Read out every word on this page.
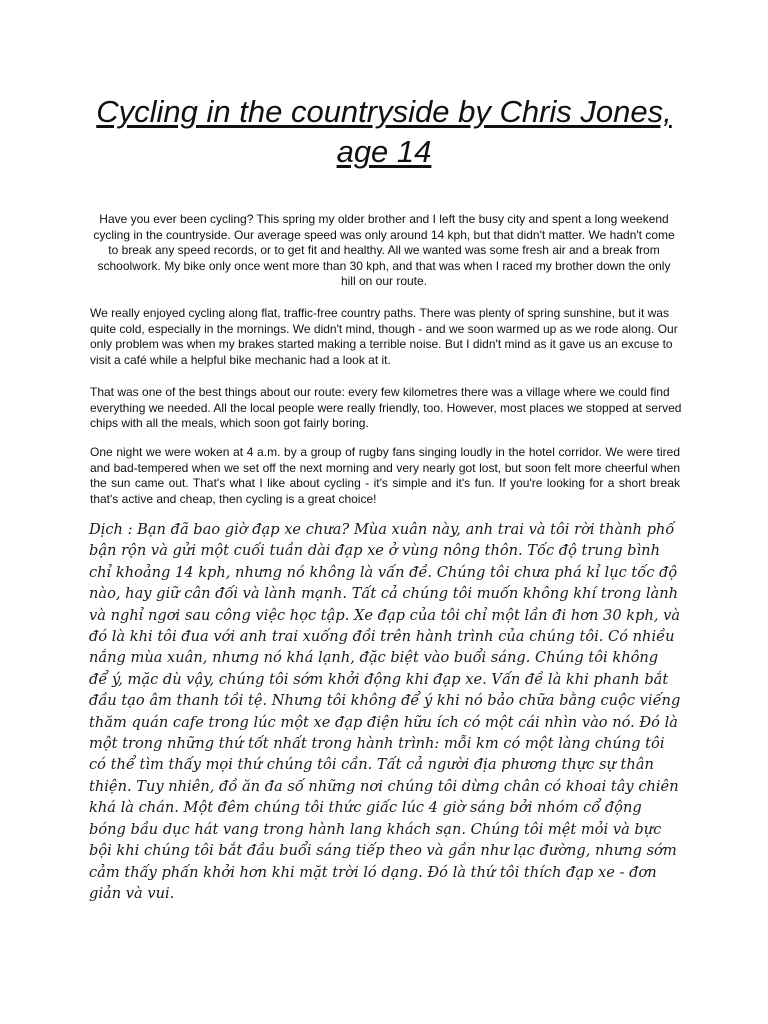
Cycling in the countryside by Chris Jones, age 14

Have you ever been cycling? This spring my older brother and I left the busy city and spent a long weekend cycling in the countryside. Our average speed was only around 14 kph, but that didn't matter. We hadn't come to break any speed records, or to get fit and healthy. All we wanted was some fresh air and a break from schoolwork. My bike only once went more than 30 kph, and that was when I raced my brother down the only hill on our route.

We really enjoyed cycling along flat, traffic-free country paths. There was plenty of spring sunshine, but it was quite cold, especially in the mornings. We didn't mind, though - and we soon warmed up as we rode along. Our only problem was when my brakes started making a terrible noise. But I didn't mind as it gave us an excuse to visit a café while a helpful bike mechanic had a look at it.

That was one of the best things about our route: every few kilometres there was a village where we could find everything we needed. All the local people were really friendly, too. However, most places we stopped at served chips with all the meals, which soon got fairly boring.

One night we were woken at 4 a.m. by a group of rugby fans singing loudly in the hotel corridor. We were tired and bad-tempered when we set off the next morning and very nearly got lost, but soon felt more cheerful when the sun came out. That's what I like about cycling - it's simple and it's fun. If you're looking for a short break that's active and cheap, then cycling is a great choice!

Dịch : Bạn đã bao giờ đạp xe chưa? Mùa xuân này, anh trai và tôi rời thành phố bận rộn và gửi một cuối tuần dài đạp xe ở vùng nông thôn. Tốc độ trung bình chỉ khoảng 14 kph, nhưng nó không là vấn đề. Chúng tôi chưa phá kỉ lục tốc độ nào, hay giữ cân đối và lành mạnh. Tất cả chúng tôi muốn không khí trong lành và nghỉ ngơi sau công việc học tập. Xe đạp của tôi chỉ một lần đi hơn 30 kph, và đó là khi tôi đua với anh trai xuống đồi trên hành trình của chúng tôi. Có nhiều nắng mùa xuân, nhưng nó khá lạnh, đặc biệt vào buổi sáng. Chúng tôi không để ý, mặc dù vậy, chúng tôi sớm khởi động khi đạp xe. Vấn đề là khi phanh bắt đầu tạo âm thanh tồi tệ. Nhưng tôi không để ý khi nó bảo chữa bằng cuộc viếng thăm quán cafe trong lúc một xe đạp điện hữu ích có một cái nhìn vào nó. Đó là một trong những thứ tốt nhất trong hành trình: mỗi km có một làng chúng tôi có thể tìm thấy mọi thứ chúng tôi cần. Tất cả người địa phương thực sự thân thiện. Tuy nhiên, đồ ăn đa số những nơi chúng tôi dừng chân có khoai tây chiên khá là chán. Một đêm chúng tôi thức giấc lúc 4 giờ sáng bởi nhóm cổ động bóng bầu dục hát vang trong hành lang khách sạn. Chúng tôi mệt mỏi và bực bội khi chúng tôi bắt đầu buổi sáng tiếp theo và gần như lạc đường, nhưng sớm cảm thấy phấn khởi hơn khi mặt trời ló dạng. Đó là thứ tôi thích đạp xe - đơn giản và vui.
